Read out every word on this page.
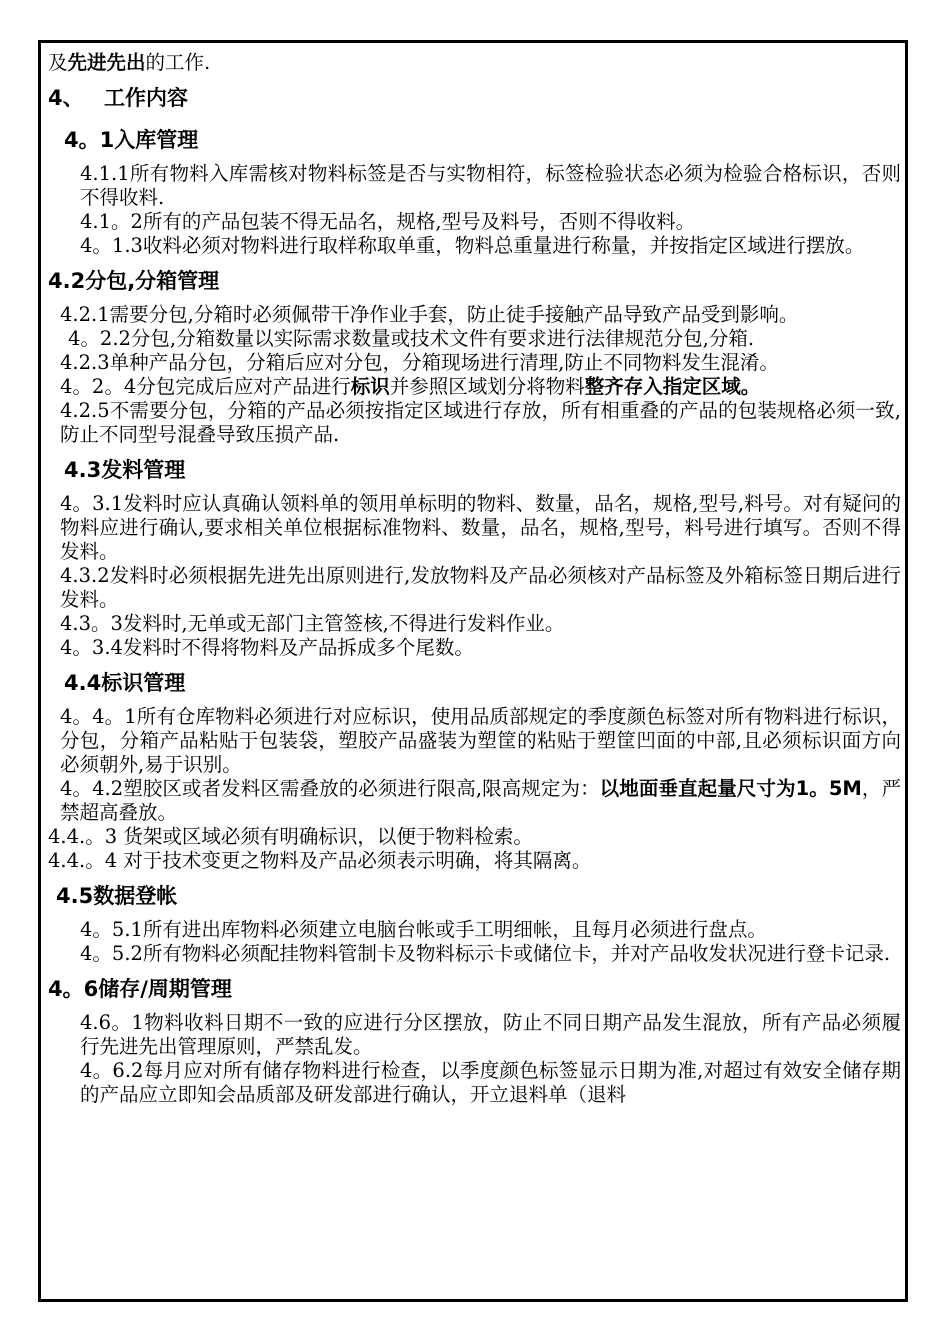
及先进先出的工作.

4、 工作内容
4。1入库管理

4.1.1所有物料入库需核对物料标签是否与实物相符，标签检验状态必须为检验合格标识，否则不得收料.

4.1。2所有的产品包装不得无品名，规格,型号及料号，否则不得收料。

4。1.3收料必须对物料进行取样称取单重，物料总重量进行称量，并按指定区域进行摆放。

4.2分包,分箱管理

4.2.1需要分包,分箱时必须佩带干净作业手套，防止徒手接触产品导致产品受到影响。

4。2.2分包,分箱数量以实际需求数量或技术文件有要求进行法律规范分包,分箱.

4.2.3单种产品分包，分箱后应对分包，分箱现场进行清理,防止不同物料发生混淆。

4。2。4分包完成后应对产品进行标识并参照区域划分将物料整齐存入指定区域。

4.2.5不需要分包，分箱的产品必须按指定区域进行存放，所有相重叠的产品的包装规格必须一致,防止不同型号混叠导致压损产品.

4.3发料管理

4。3.1发料时应认真确认领料单的领用单标明的物料、数量，品名，规格,型号,料号。对有疑问的物料应进行确认,要求相关单位根据标准物料、数量，品名，规格,型号，料号进行填写。否则不得发料。

4.3.2发料时必须根据先进先出原则进行,发放物料及产品必须核对产品标签及外箱标签日期后进行发料。

4.3。3发料时,无单或无部门主管签核,不得进行发料作业。

4。3.4发料时不得将物料及产品拆成多个尾数。

4.4标识管理

4。4。1所有仓库物料必须进行对应标识，使用品质部规定的季度颜色标签对所有物料进行标识，分包，分箱产品粘贴于包装袋，塑胶产品盛装为塑筐的粘贴于塑筐凹面的中部,且必须标识面方向必须朝外,易于识别。

4。4.2塑胶区或者发料区需叠放的必须进行限高,限高规定为：以地面垂直起量尺寸为1。5M，严禁超高叠放。

4.4.。3 货架或区域必须有明确标识，以便于物料检索。

4.4.。4 对于技术变更之物料及产品必须表示明确，将其隔离。

4.5数据登帐

4。5.1所有进出库物料必须建立电脑台帐或手工明细帐，且每月必须进行盘点。

4。5.2所有物料必须配挂物料管制卡及物料标示卡或储位卡，并对产品收发状况进行登卡记录.

4。6储存/周期管理

4.6。1物料收料日期不一致的应进行分区摆放，防止不同日期产品发生混放，所有产品必须履行先进先出管理原则，严禁乱发。

4。6.2每月应对所有储存物料进行检查，以季度颜色标签显示日期为准,对超过有效安全储存期的产品应立即知会品质部及研发部进行确认，开立退料单（退料
